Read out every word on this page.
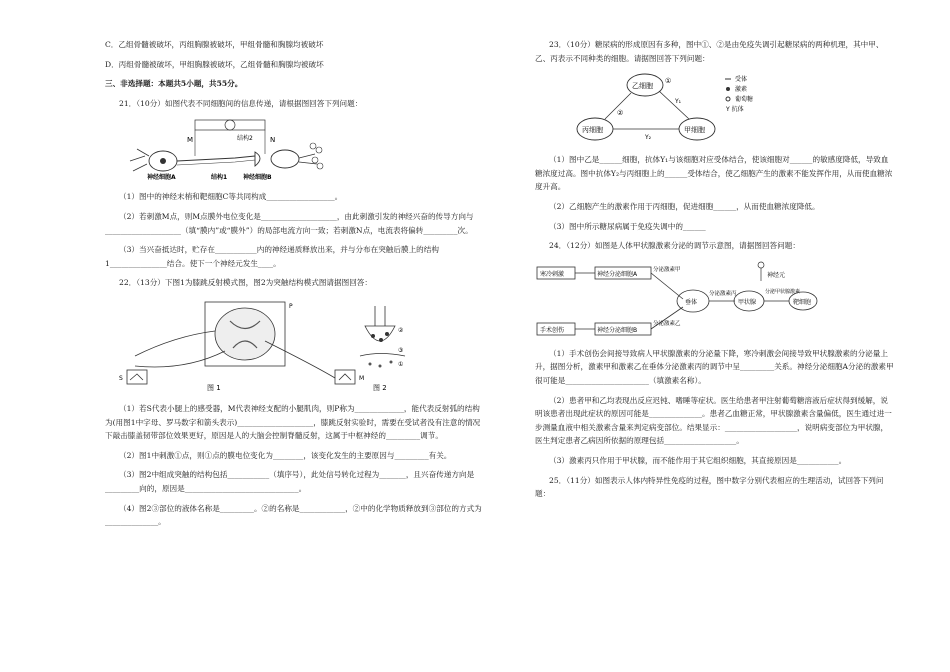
C．乙组骨髓被破坏，丙组胸腺被破坏，甲组骨髓和胸腺均被破坏

D．丙组骨髓被破坏，甲组胸腺被破坏，乙组骨髓和胸腺均被破坏

三、非选择题：本题共5小题，共55分。

21．（10分）如图代表不同细胞间的信息传递，请根据图回答下列问题：

M	N
结构2
神经细胞A	结构1	神经细胞B

（1）图中的神经末梢和靶细胞C等共同构成__________________。

（2）若刺激M点，则M点膜外电位变化是____________________，由此刺激引发的神经兴奋的传导方向与____________________（填“膜内”或“膜外”）的局部电流方向一致；若刺激N点，电流表将偏转_________次。

（3）当兴奋抵达时，贮存在___________内的神经递质释放出来，并与分布在突触后膜上的结构1_______________结合。使下一个神经元发生____。

22．（13分）下图1为膝跳反射模式图，图2为突触结构模式图请据图回答：

S	M
P
图 1
②
③
①
图 2

（1）若S代表小腿上的感受器，M代表神经支配的小腿肌肉，则P称为_____________，能代表反射弧的结构为(用图1中字母、罗马数字和箭头表示)____________________，膝跳反射实验时，需要在受试者没有注意的情况下敲击膝盖韧带部位效果更好，原因是人的大脑会控制脊髓反射，这属于中枢神经的_________调节。

（2）图1中刺激①点，则①点的膜电位变化为________，该变化发生的主要原因与_________有关。

（3）图2中组成突触的结构包括___________（填序号），此处信号转化过程为_______，且兴奋传递方向是_________向的，原因是______________________________。

（4）图2③部位的液体名称是_________。②的名称是____________，②中的化学物质释放到③部位的方式为______________。

23．（10分）糖尿病的形成原因有多种，图中①、②是由免疫失调引起糖尿病的两种机理，其中甲、乙、丙表示不同种类的细胞。请据图回答下列问题：

乙细胞
丙细胞	甲细胞
②
①
Y₁
Y₂
受体
激素
葡萄糖
Y 抗体

（1）图中乙是______细胞，抗体Y₁与该细胞对应受体结合，使该细胞对______的敏感度降低，导致血糖浓度过高。图中抗体Y₂与丙细胞上的______受体结合，使乙细胞产生的激素不能发挥作用，从而使血糖浓度升高。

（2）乙细胞产生的激素作用于丙细胞，促进细胞______，从而使血糖浓度降低。

（3）图中所示糖尿病属于免疫失调中的______

24．（12分）如图是人体甲状腺激素分泌的调节示意图，请据图回答问题：

寒冷刺激	神经分泌细胞A
分泌激素甲
垂体
分泌激素丙
甲状腺
分泌甲状腺激素
靶细胞
神经元
手术创伤	神经分泌细胞B
分泌激素乙

（1）手术创伤会间接导致病人甲状腺激素的分泌量下降，寒冷刺激会间接导致甲状腺激素的分泌量上升，据图分析，激素甲和激素乙在垂体分泌激素丙的调节中呈_________关系。神经分泌细胞A分泌的激素甲很可能是______________________（填激素名称）。

（2）患者甲和乙均表现出反应迟钝、嗜睡等症状。医生给患者甲注射葡萄糖溶液后症状得到缓解，说明该患者出现此症状的原因可能是______________。患者乙血糖正常，甲状腺激素含量偏低，医生通过进一步测量血液中相关激素含量来判定病变部位。结果显示：___________________，说明病变部位为甲状腺，医生判定患者乙病因所依据的原理包括___________________。

（3）激素丙只作用于甲状腺，而不能作用于其它组织细胞，其直接原因是___________。

25．（11分）如图表示人体内特异性免疫的过程，图中数字分别代表相应的生理活动，试回答下列问题：
